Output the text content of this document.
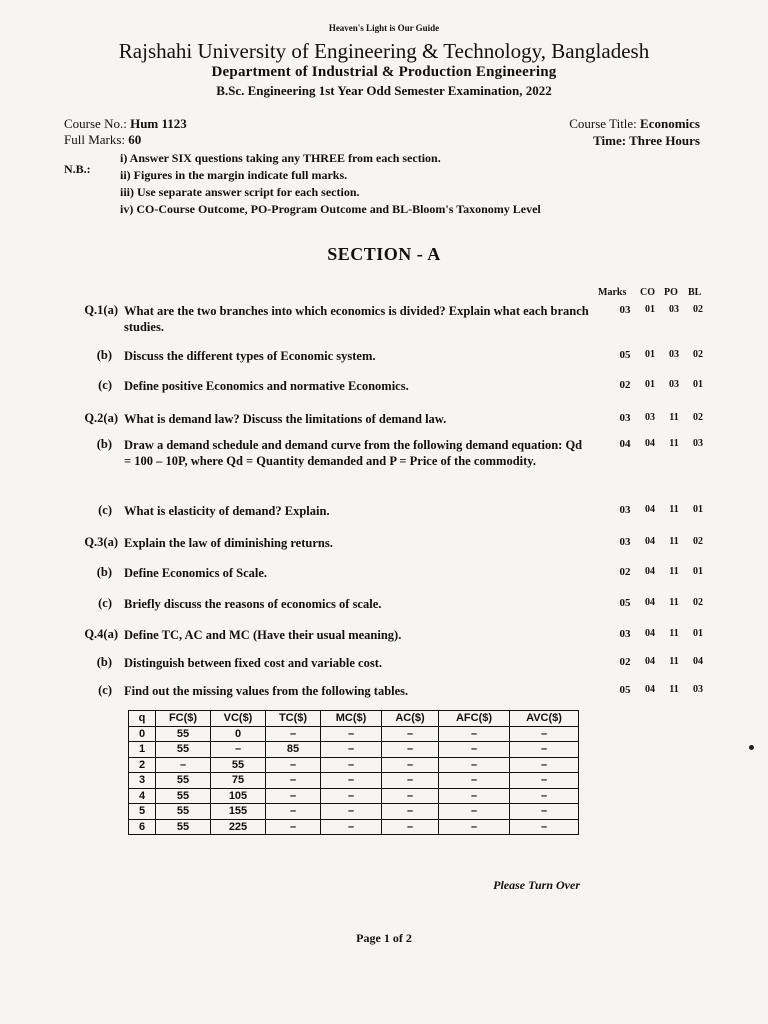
Heaven's Light is Our Guide
Rajshahi University of Engineering & Technology, Bangladesh
Department of Industrial & Production Engineering
B.Sc. Engineering 1st Year Odd Semester Examination, 2022
Course No.: Hum 1123
Full Marks: 60
Course Title: Economics
Time: Three Hours
N.B.:
i) Answer SIX questions taking any THREE from each section.
ii) Figures in the margin indicate full marks.
iii) Use separate answer script for each section.
iv) CO-Course Outcome, PO-Program Outcome and BL-Bloom's Taxonomy Level
SECTION - A
Marks CO PO BL
Q.1(a) What are the two branches into which economics is divided? Explain what each branch studies.
03	01	03	02
(b) Discuss the different types of Economic system.	05	01	03	02
(c) Define positive Economics and normative Economics.	02	01	03	01
Q.2(a) What is demand law? Discuss the limitations of demand law.	03	03	11	02
(b) Draw a demand schedule and demand curve from the following demand equation: Qd = 100 – 10P, where Qd = Quantity demanded and P = Price of the commodity.
04	04	11	03
(c) What is elasticity of demand? Explain.	03	04	11	01
Q.3(a) Explain the law of diminishing returns.	03	04	11	02
(b) Define Economics of Scale.	02	04	11	01
(c) Briefly discuss the reasons of economics of scale.	05	04	11	02
Q.4(a) Define TC, AC and MC (Have their usual meaning).	03	04	11	01
(b) Distinguish between fixed cost and variable cost.	02	04	11	04
(c) Find out the missing values from the following tables.	05	04	11	03
q	FC($)	VC($)	TC($)	MC($)	AC($)	AFC($)	AVC($)
0	55	0	–	–	–	–	–
1	55	–	85	–	–	–	–
2	–	55	–	–	–	–	–
3	55	75	–	–	–	–	–
4	55	105	–	–	–	–	–
5	55	155	–	–	–	–	–
6	55	225	–	–	–	–	–
Please Turn Over
Page 1 of 2
